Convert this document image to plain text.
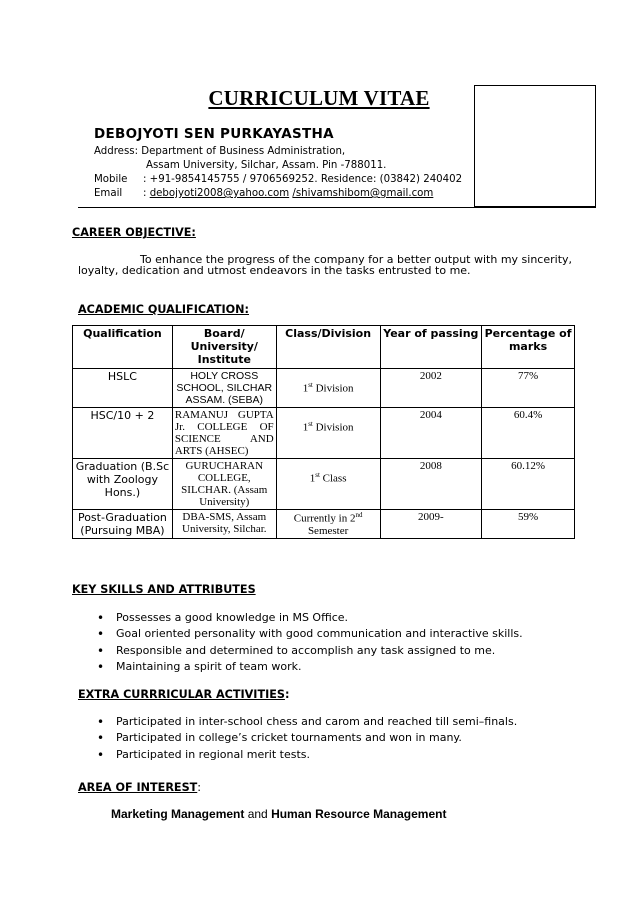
CURRICULUM VITAE
DEBOJYOTI SEN PURKAYASTHA
Address: Department of Business Administration,
Assam University, Silchar, Assam. Pin -788011.
Mobile : +91-9854145755 / 9706569252. Residence: (03842) 240402
Email : debojyoti2008@yahoo.com /shivamshibom@gmail.com
CAREER OBJECTIVE:
To enhance the progress of the company for a better output with my sincerity,
loyalty, dedication and utmost endeavors in the tasks entrusted to me.
ACADEMIC QUALIFICATION:
Qualification	Board/ University/ Institute	Class/Division	Year of passing	Percentage of marks
HSLC	HOLY CROSS SCHOOL, SILCHAR ASSAM. (SEBA)	1st Division	2002	77%
HSC/10 + 2	RAMANUJ GUPTA Jr. COLLEGE OF SCIENCE AND ARTS (AHSEC)	1st Division	2004	60.4%
Graduation (B.Sc with Zoology Hons.)	GURUCHARAN COLLEGE, SILCHAR. (Assam University)	1st Class	2008	60.12%
Post-Graduation (Pursuing MBA)	DBA-SMS, Assam University, Silchar.	Currently in 2nd Semester	2009-	59%
KEY SKILLS AND ATTRIBUTES
• Possesses a good knowledge in MS Office.
• Goal oriented personality with good communication and interactive skills.
• Responsible and determined to accomplish any task assigned to me.
• Maintaining a spirit of team work.
EXTRA CURRRICULAR ACTIVITIES:
• Participated in inter-school chess and carom and reached till semi–finals.
• Participated in college’s cricket tournaments and won in many.
• Participated in regional merit tests.
AREA OF INTEREST:
Marketing Management and Human Resource Management
